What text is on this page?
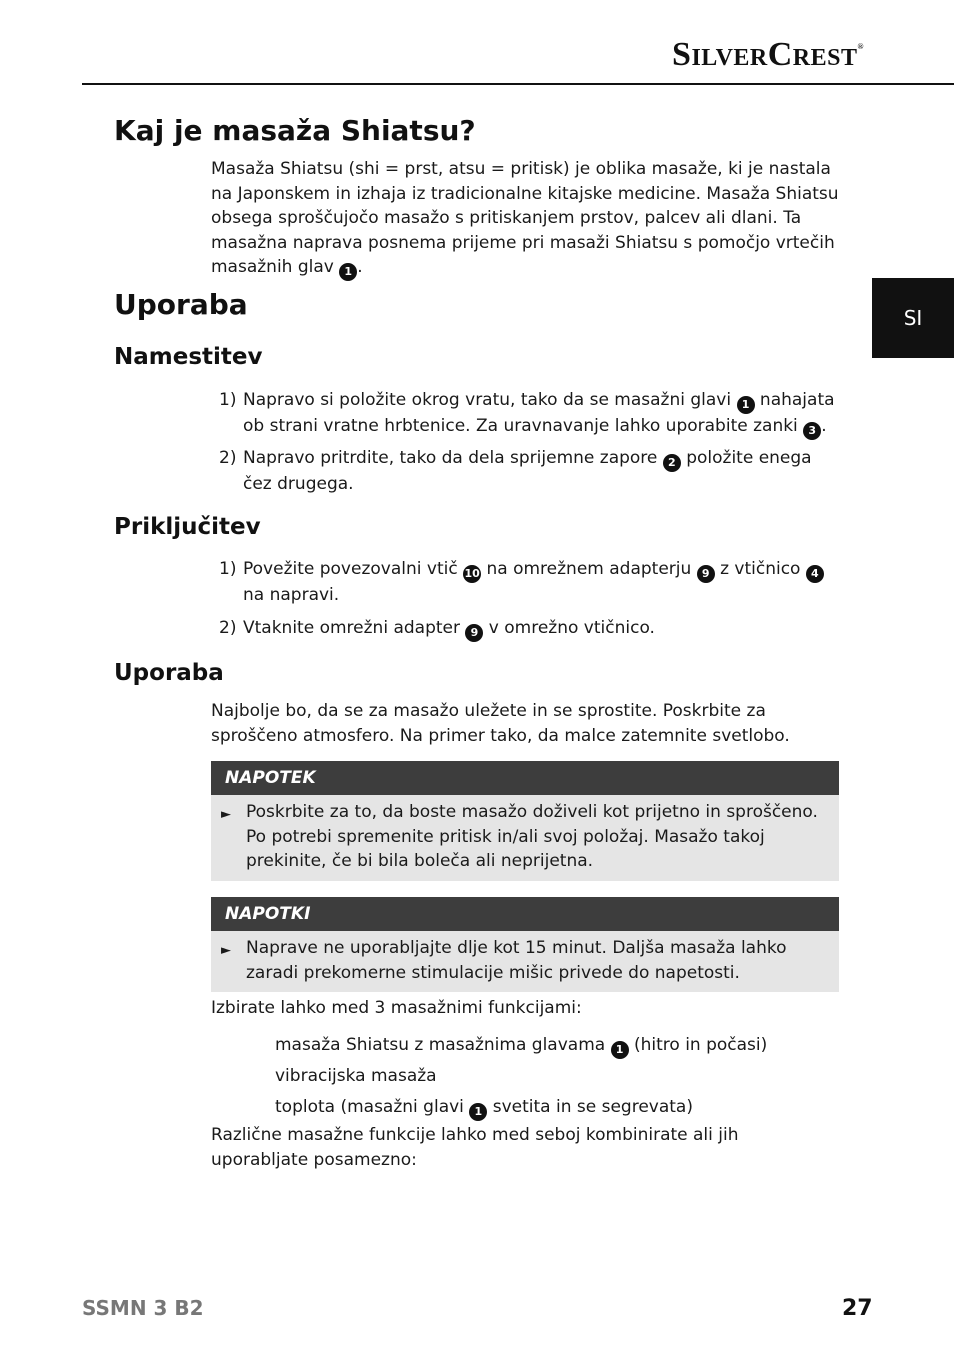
SilverCrest®
SI
Kaj je masaža Shiatsu?
Masaža Shiatsu (shi = prst, atsu = pritisk) je oblika masaže, ki je nastala na Japonskem in izhaja iz tradicionalne kitajske medicine. Masaža Shiatsu obsega sproščujočo masažo s pritiskanjem prstov, palcev ali dlani. Ta masažna naprava posnema prijeme pri masaži Shiatsu s pomočjo vrtečih masažnih glav 1 .
Uporaba
Namestitev
1) Napravo si položite okrog vratu, tako da se masažni glavi 1 nahajata ob strani vratne hrbtenice. Za uravnavanje lahko uporabite zanki 3 .
2) Napravo pritrdite, tako da dela sprijemne zapore 2 položite enega čez drugega.
Priključitev
1) Povežite povezovalni vtič 10 na omrežnem adapterju 9 z vtičnico 4 na napravi.
2) Vtaknite omrežni adapter 9 v omrežno vtičnico.
Uporaba
Najbolje bo, da se za masažo uležete in se sprostite. Poskrbite za sproščeno atmosfero. Na primer tako, da malce zatemnite svetlobo.
NAPOTEK
► Poskrbite za to, da boste masažo doživeli kot prijetno in sproščeno. Po potrebi spremenite pritisk in/ali svoj položaj. Masažo takoj prekinite, če bi bila boleča ali neprijetna.
NAPOTKI
► Naprave ne uporabljajte dlje kot 15 minut. Daljša masaža lahko zaradi prekomerne stimulacije mišic privede do napetosti.
Izbirate lahko med 3 masažnimi funkcijami:
masaža Shiatsu z masažnima glavama 1 (hitro in počasi)
vibracijska masaža
toplota (masažni glavi 1 svetita in se segrevata)
Različne masažne funkcije lahko med seboj kombinirate ali jih uporabljate posamezno:
SSMN 3 B2	27
